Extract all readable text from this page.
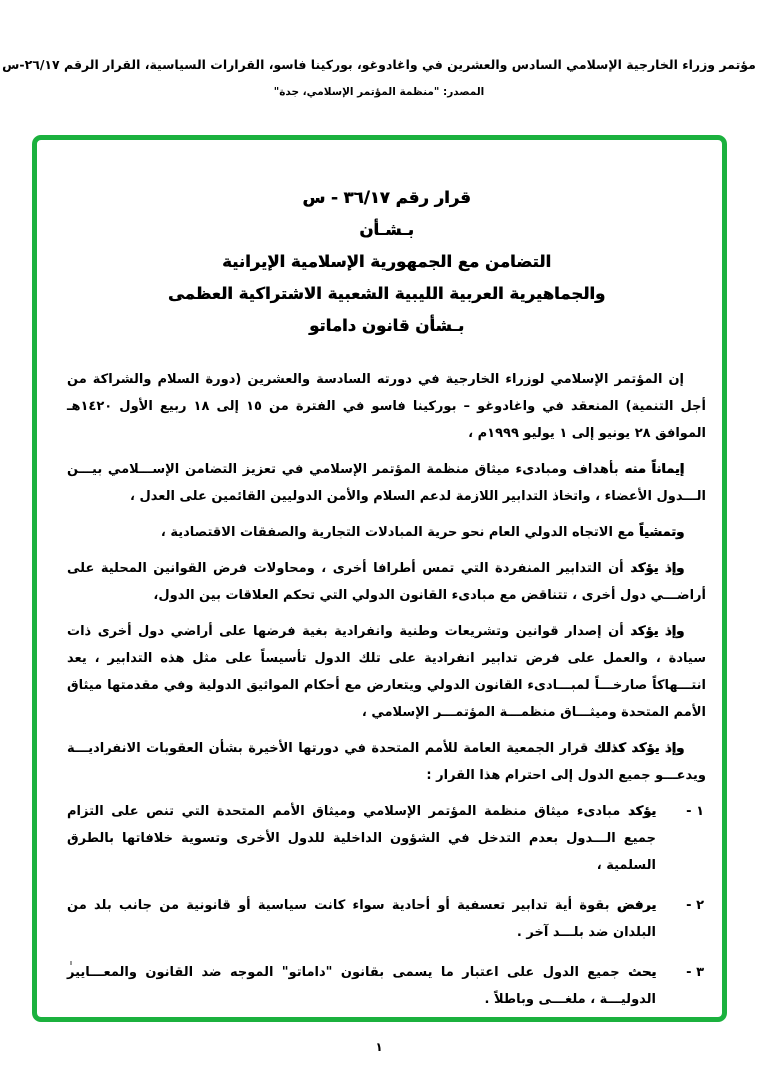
مؤتمر وزراء الخارجية الإسلامي السادس والعشرين في واغادوغو، بوركينا فاسو، القرارات السياسية، القرار الرقم ٢٦/١٧-س
المصدر: "منظمة المؤتمر الإسلامي، جدة"
قرار رقم ٣٦/١٧ - س
بـشـأن
التضامن مع الجمهورية الإسلامية الإيرانية
والجماهيرية العربية الليبية الشعبية الاشتراكية العظمى
بـشأن قانون داماتو

إن المؤتمر الإسلامي لوزراء الخارجية في دورته السادسة والعشرين (دورة السلام والشراكة من أجل التنمية) المنعقد في واغادوغو – بوركينا فاسو في الفترة من ١٥ إلى ١٨ ربيع الأول ١٤٢٠هـ الموافق ٢٨ يونيو إلى ١ يوليو ١٩٩٩م ،

إيماناً منه بأهداف ومبادىء ميثاق منظمة المؤتمر الإسلامي في تعزيز التضامن الإســـلامي بيـــن الـــدول الأعضاء ، واتخاذ التدابير اللازمة لدعم السلام والأمن الدوليين القائمين على العدل ،

وتمشياً مع الاتجاه الدولي العام نحو حرية المبادلات التجارية والصفقات الاقتصادية ،

وإذ يؤكد أن التدابير المنفردة التي تمس أطرافا أخرى ، ومحاولات فرض القوانين المحلية على أراضـــي دول أخرى ، تتناقض مع مبادىء القانون الدولي التي تحكم العلاقات بين الدول،

وإذ يؤكد أن إصدار قوانين وتشريعات وطنية وانفرادية بغية فرضها على أراضي دول أخرى ذات سيادة ، والعمل على فرض تدابير انفرادية على تلك الدول تأسيساً على مثل هذه التدابير ، يعد انتـــهاكاً صارخـــاً لمبـــادىء القانون الدولي ويتعارض مع أحكام المواثيق الدولية وفي مقدمتها ميثاق الأمم المتحدة وميثـــاق منظمـــة المؤتمـــر الإسلامي ،

وإذ يؤكد كذلك قرار الجمعية العامة للأمم المتحدة في دورتها الأخيرة بشأن العقوبات الانفراديـــة ويدعـــو جميع الدول إلى احترام هذا القرار :

١ -
يؤكد مبادىء ميثاق منظمة المؤتمر الإسلامي وميثاق الأمم المتحدة التي تنص على التزام جميع الـــدول بعدم التدخل في الشؤون الداخلية للدول الأخرى وتسوية خلافاتها بالطرق السلمية ،
٢ -
يرفض بقوة أية تدابير تعسفية أو أحادية سواء كانت سياسية أو قانونية من جانب بلد من البلدان ضد بلـــد آخر .
٣ -
يحث جميع الدول على اعتبار ما يسمى بقانون "داماتو" الموجه ضد القانون والمعـــايير الدوليـــة ، ملغـــى وباطلاً .
١
